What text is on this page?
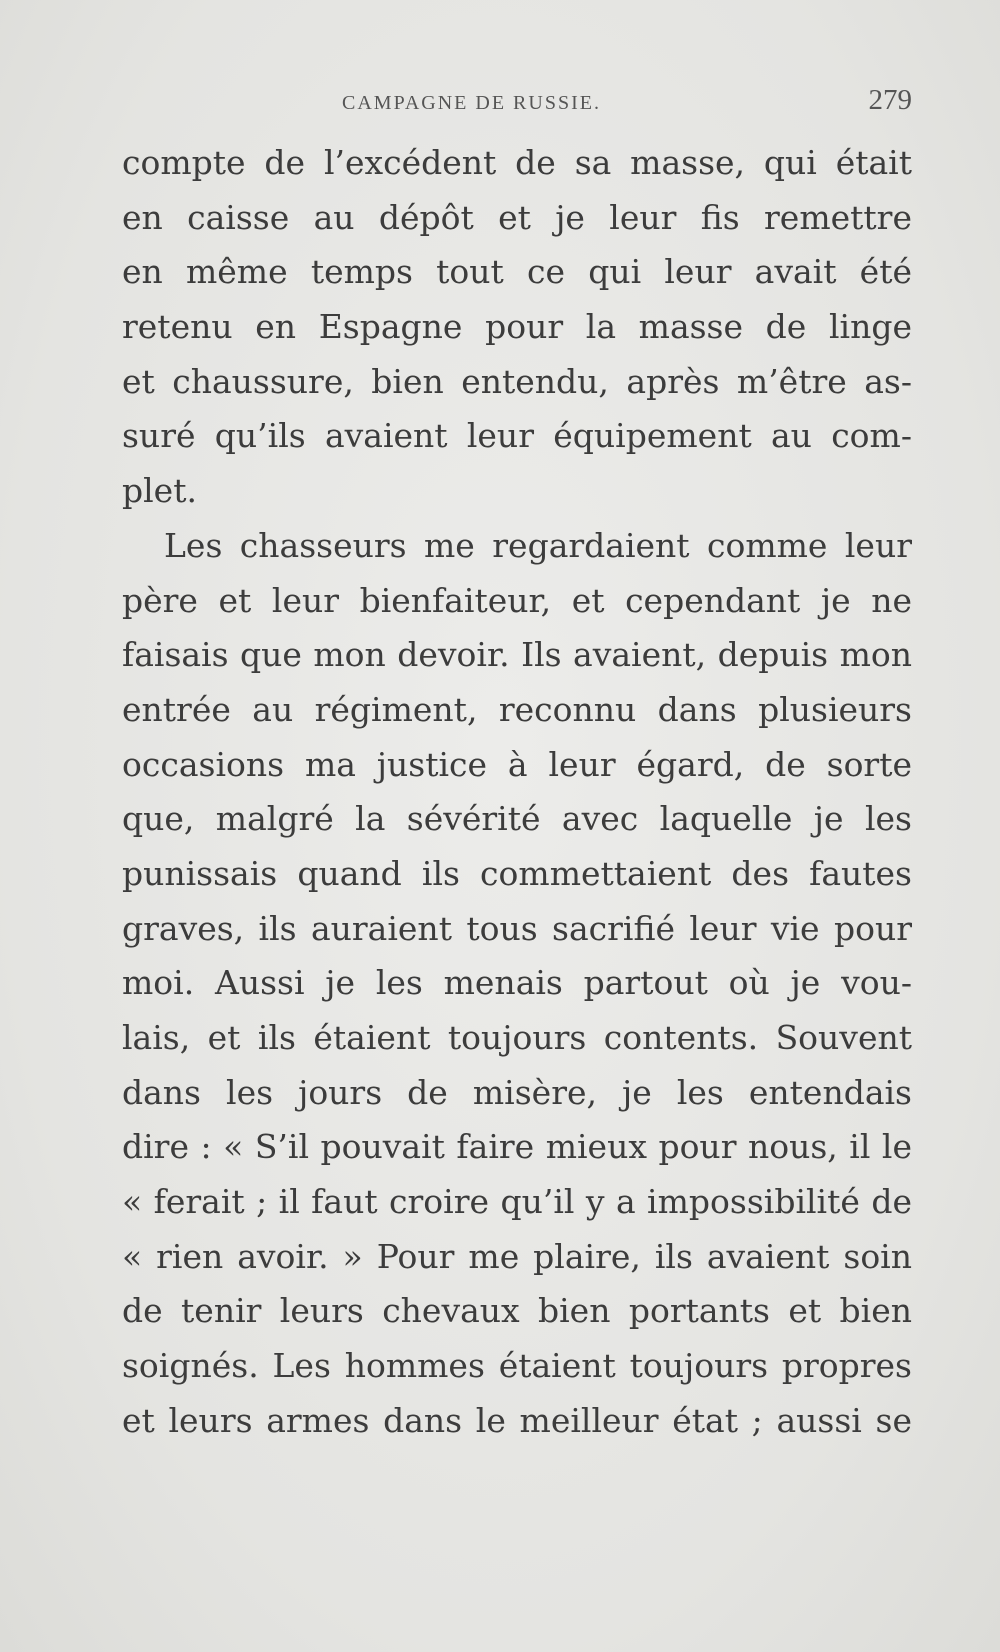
CAMPAGNE DE RUSSIE.	279
compte de l’excédent de sa masse, qui était
en caisse au dépôt et je leur fis remettre
en même temps tout ce qui leur avait été
retenu en Espagne pour la masse de linge
et chaussure, bien entendu, après m’être as-
suré qu’ils avaient leur équipement au com-
plet.
Les chasseurs me regardaient comme leur
père et leur bienfaiteur, et cependant je ne
faisais que mon devoir. Ils avaient, depuis mon
entrée au régiment, reconnu dans plusieurs
occasions ma justice à leur égard, de sorte
que, malgré la sévérité avec laquelle je les
punissais quand ils commettaient des fautes
graves, ils auraient tous sacrifié leur vie pour
moi. Aussi je les menais partout où je vou-
lais, et ils étaient toujours contents. Souvent
dans les jours de misère, je les entendais
dire : « S’il pouvait faire mieux pour nous, il le
« ferait ; il faut croire qu’il y a impossibilité de
« rien avoir. » Pour me plaire, ils avaient soin
de tenir leurs chevaux bien portants et bien
soignés. Les hommes étaient toujours propres
et leurs armes dans le meilleur état ; aussi se
